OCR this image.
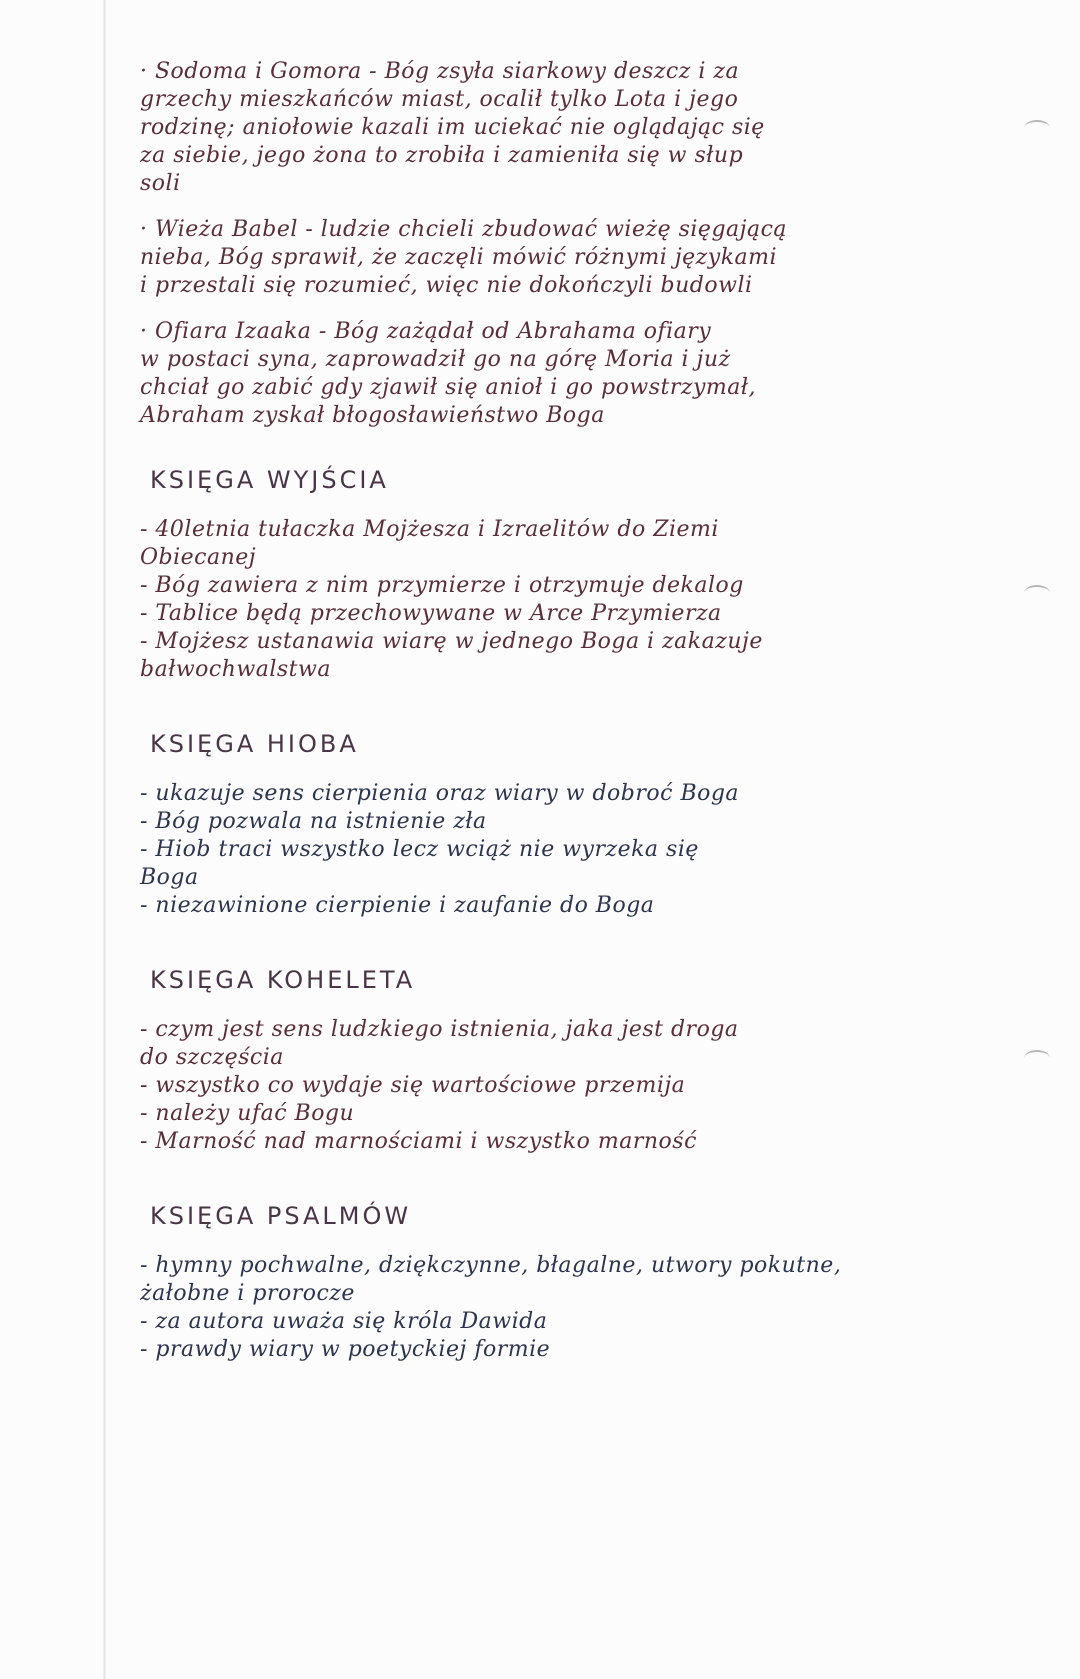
· Sodoma i Gomora - Bóg zsyła siarkowy deszcz i za

grzechy mieszkańców miast, ocalił tylko Lota i jego

rodzinę; aniołowie kazali im uciekać nie oglądając się

za siebie, jego żona to zrobiła i zamieniła się w słup

soli

· Wieża Babel - ludzie chcieli zbudować wieżę sięgającą

nieba, Bóg sprawił, że zaczęli mówić różnymi językami

i przestali się rozumieć, więc nie dokończyli budowli

· Ofiara Izaaka - Bóg zażądał od Abrahama ofiary

w postaci syna, zaprowadził go na górę Moria i już

chciał go zabić gdy zjawił się anioł i go powstrzymał,

Abraham zyskał błogosławieństwo Boga

KSIĘGA WYJŚCIA

- 40letnia tułaczka Mojżesza i Izraelitów do Ziemi

Obiecanej

- Bóg zawiera z nim przymierze i otrzymuje dekalog

- Tablice będą przechowywane w Arce Przymierza

- Mojżesz ustanawia wiarę w jednego Boga i zakazuje

bałwochwalstwa

KSIĘGA HIOBA

- ukazuje sens cierpienia oraz wiary w dobroć Boga

- Bóg pozwala na istnienie zła

- Hiob traci wszystko lecz wciąż nie wyrzeka się

Boga

- niezawinione cierpienie i zaufanie do Boga

KSIĘGA KOHELETA

- czym jest sens ludzkiego istnienia, jaka jest droga

do szczęścia

- wszystko co wydaje się wartościowe przemija

- należy ufać Bogu

- Marność nad marnościami i wszystko marność

KSIĘGA PSALMÓW

- hymny pochwalne, dziękczynne, błagalne, utwory pokutne,

żałobne i prorocze

- za autora uważa się króla Dawida

- prawdy wiary w poetyckiej formie
